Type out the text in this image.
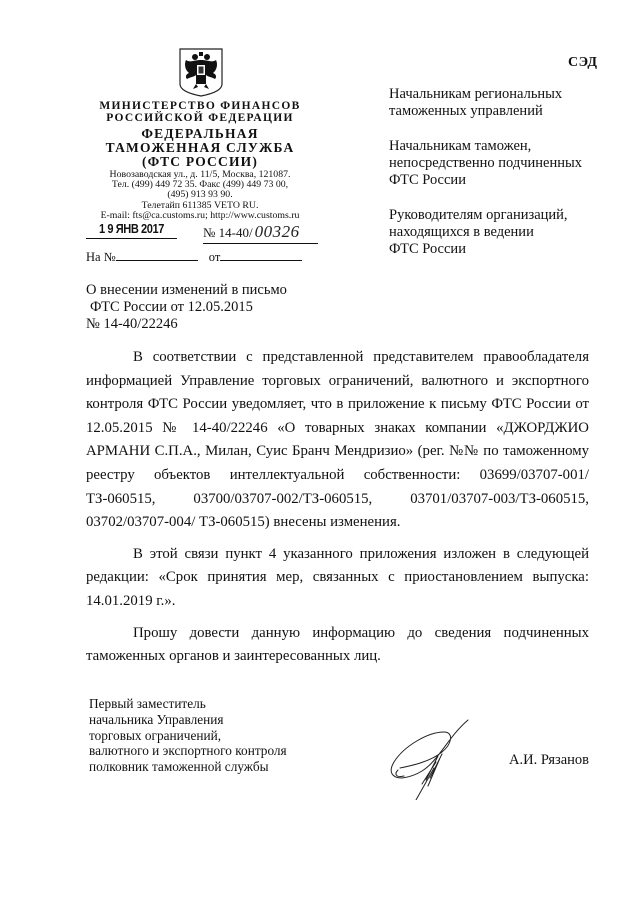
МИНИСТЕРСТВО ФИНАНСОВ
РОССИЙСКОЙ ФЕДЕРАЦИИ
ФЕДЕРАЛЬНАЯ
ТАМОЖЕННАЯ СЛУЖБА
(ФТС РОССИИ)
Новозаводская ул., д. 11/5, Москва, 121087.
Тел. (499) 449 72 35. Факс (499) 449 73 00,
(495) 913 93 90.
Телетайп 611385 VETO RU.
E-mail: fts@ca.customs.ru; http://www.customs.ru
1 9 ЯНВ 2017	№ 14-40/ 00326
На №	от
СЭД
Начальникам региональных
таможенных управлений
Начальникам таможен,
непосредственно подчиненных
ФТС России
Руководителям организаций,
находящихся в ведении
ФТС России
О внесении изменений в письмо
ФТС России от 12.05.2015
№ 14-40/22246

В соответствии с представленной представителем правообладателя информацией Управление торговых ограничений, валютного и экспортного контроля ФТС России уведомляет, что в приложение к письму ФТС России от 12.05.2015 № 14-40/22246 «О товарных знаках компании «ДЖОРДЖИО АРМАНИ С.П.А., Милан, Суис Бранч Мендризио» (рег. №№ по таможенному реестру объектов интеллектуальной собственности: 03699/03707-001/ТЗ-060515, 03700/03707-002/ТЗ-060515, 03701/03707-003/ТЗ-060515, 03702/03707-004/ ТЗ-060515) внесены изменения.

В этой связи пункт 4 указанного приложения изложен в следующей редакции: «Срок принятия мер, связанных с приостановлением выпуска: 14.01.2019 г.».

Прошу довести данную информацию до сведения подчиненных таможенных органов и заинтересованных лиц.

Первый заместитель
начальника Управления
торговых ограничений,
валютного и экспортного контроля
полковник таможенной службы	А.И. Рязанов
